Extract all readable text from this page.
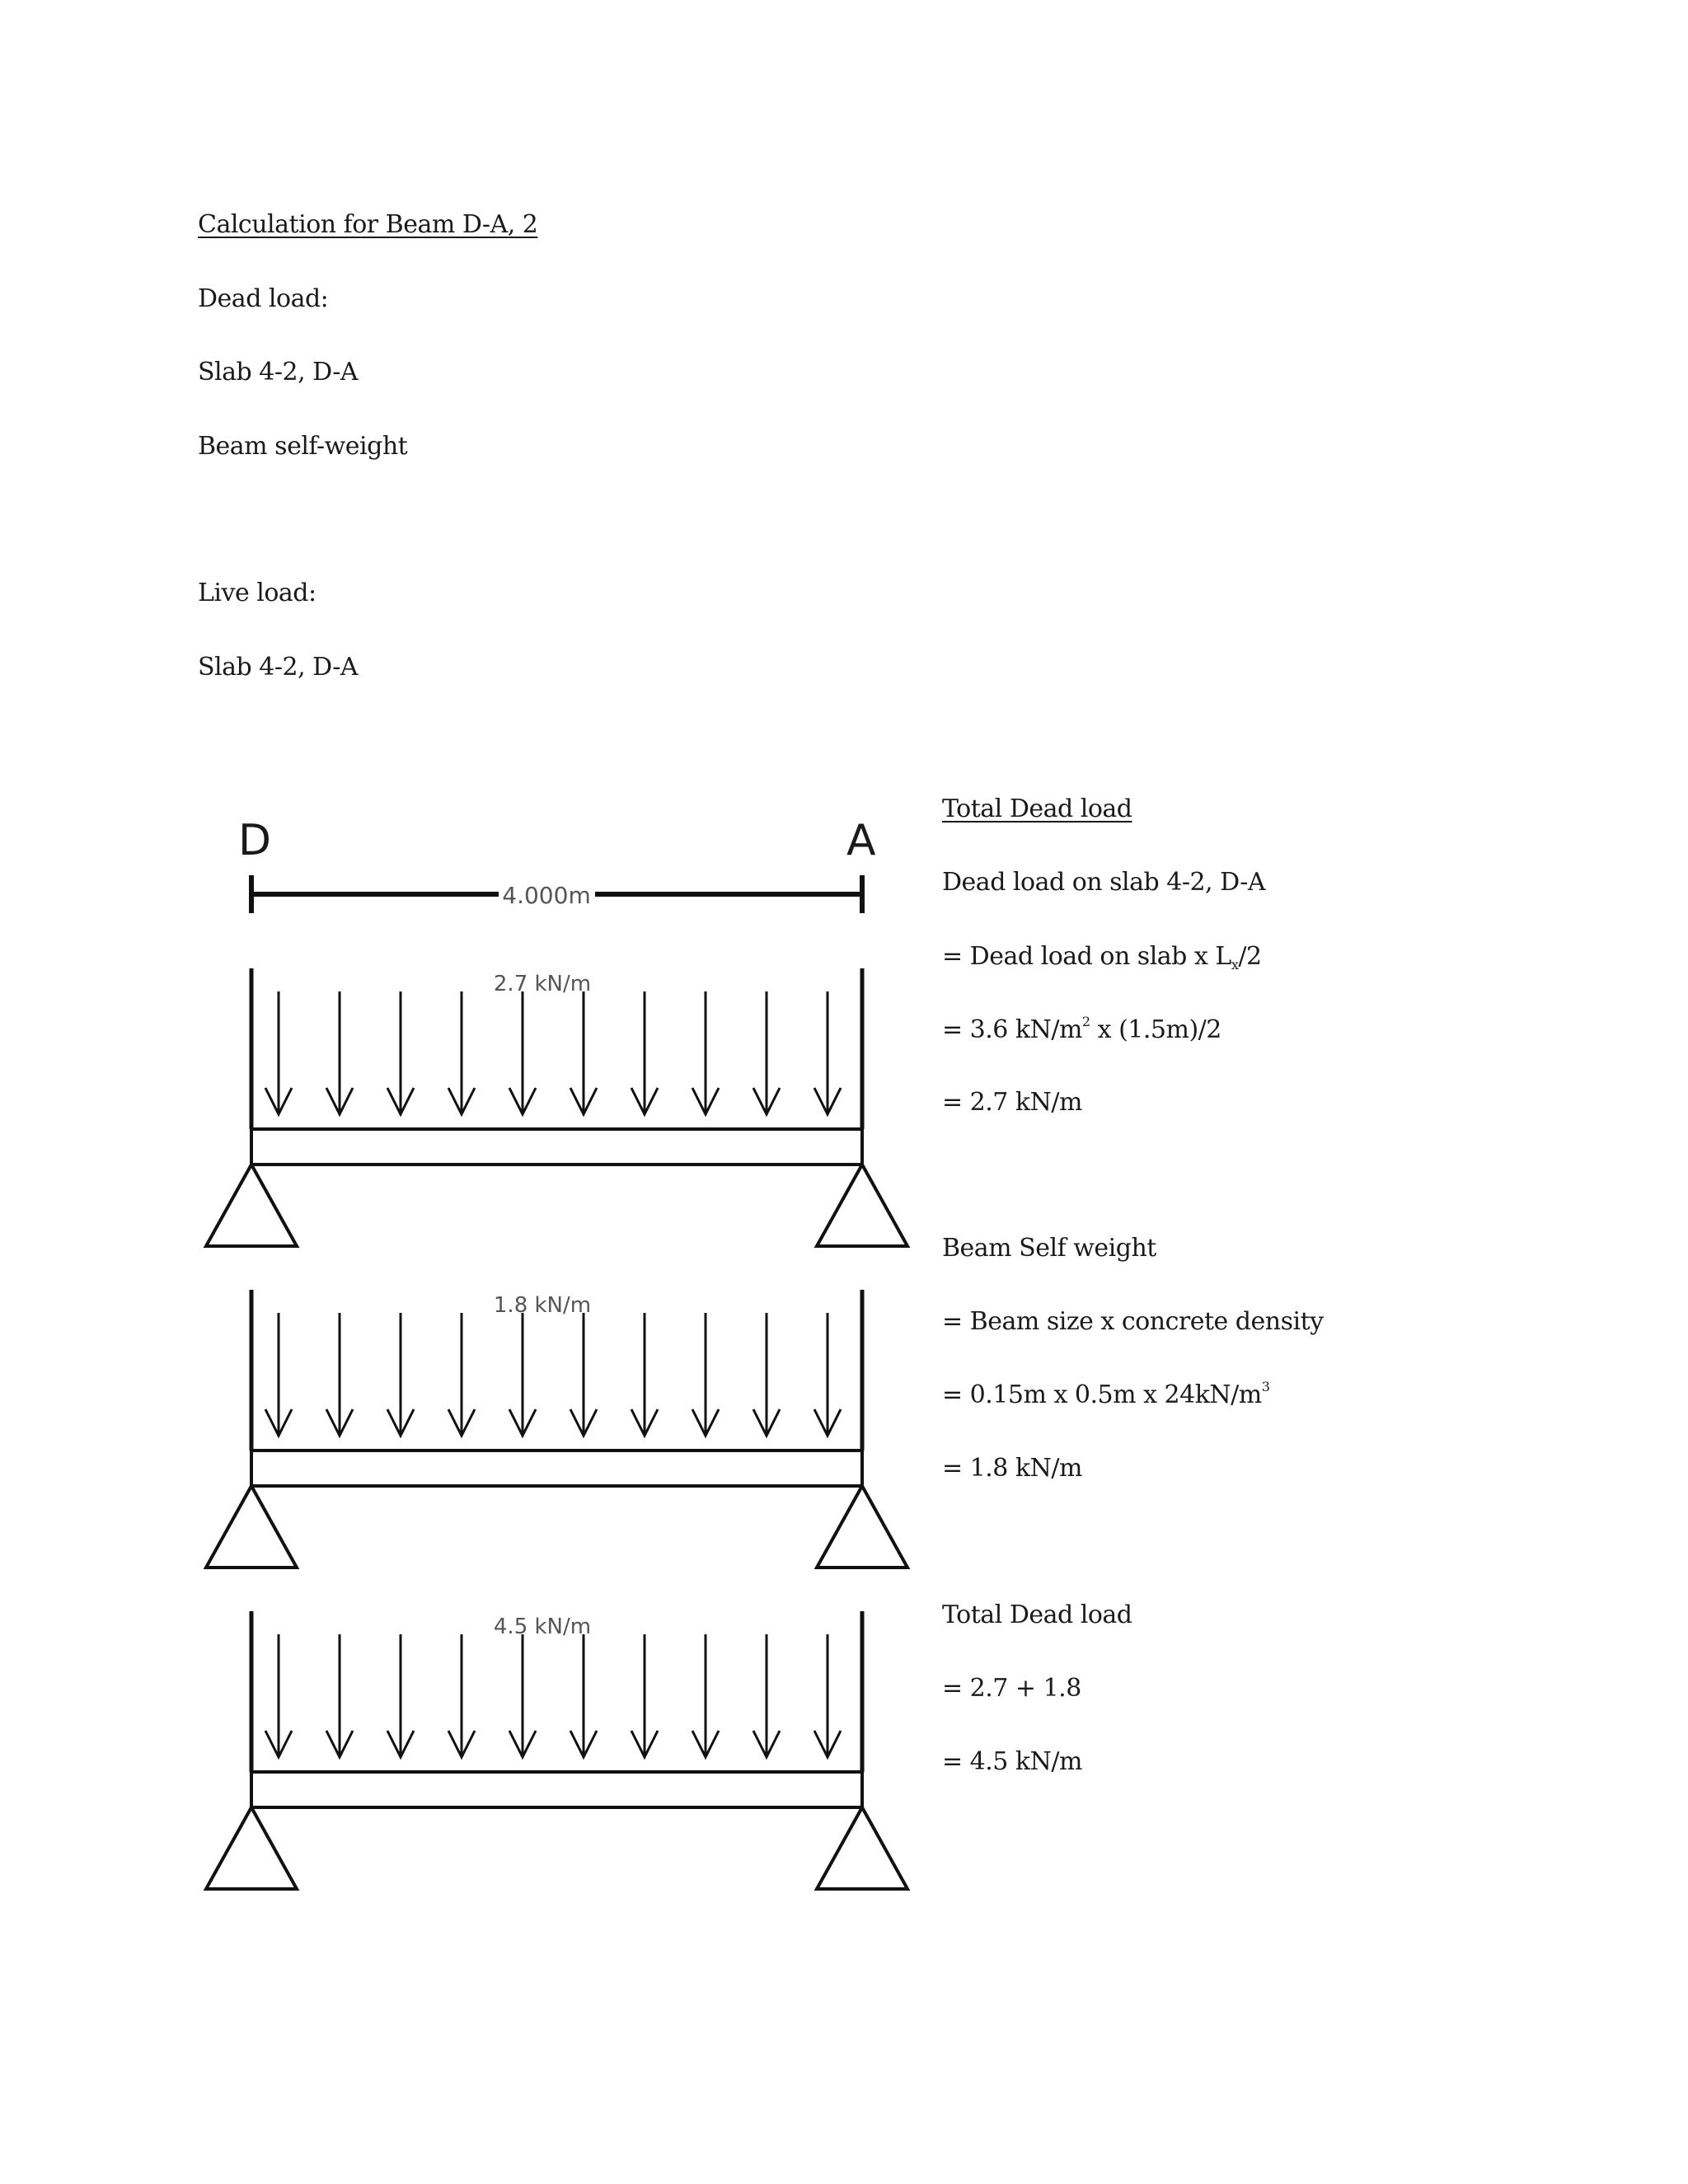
Calculation for Beam D-A, 2
Dead load:
Slab 4-2, D-A
Beam self-weight
Live load:
Slab 4-2, D-A
D	A
4.000m
2.7 kN/m
1.8 kN/m
4.5 kN/m
Total Dead load
Dead load on slab 4-2, D-A
= Dead load on slab x $L_x/2$
= 3.6 $kN/m^2$ x (1.5m)/2
= 2.7 kN/m
Beam Self weight
= Beam size x concrete density
= 0.15m x 0.5m x $24kN/m^3$
= 1.8 kN/m
Total Dead load
= 2.7 + 1.8
= 4.5 kN/m
